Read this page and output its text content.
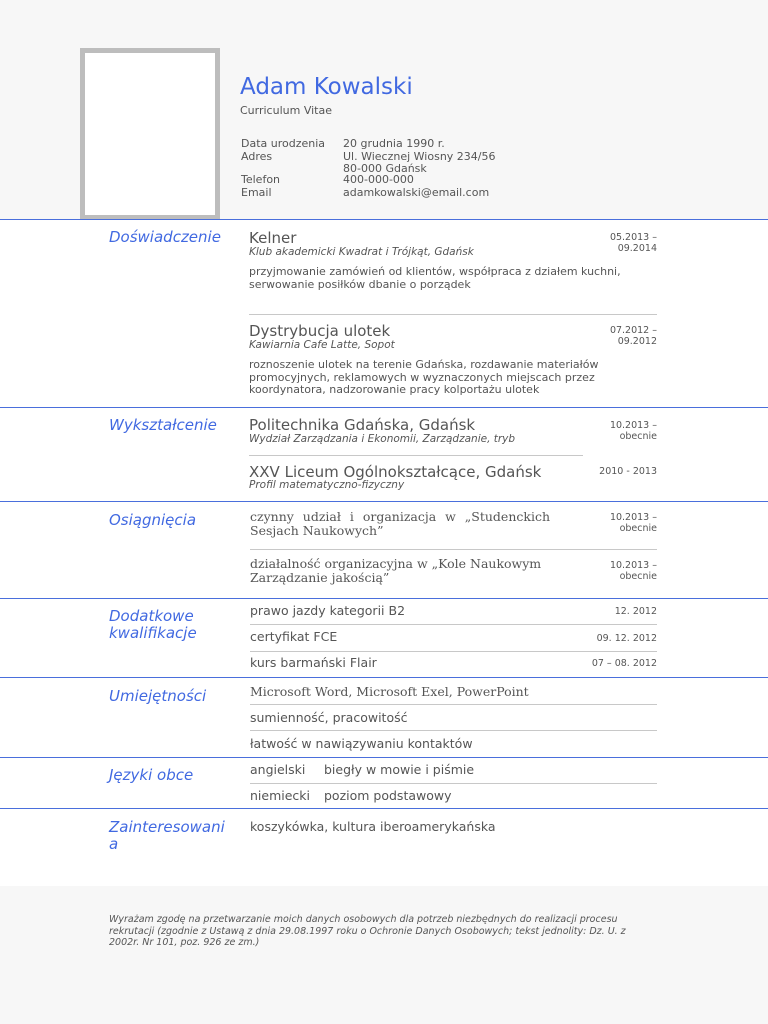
Adam Kowalski
Curriculum Vitae
Data urodzenia 20 grudnia 1990 r.
Adres	Ul. Wiecznej Wiosny 234/56
80-000 Gdańsk
Telefon	400-000-000
Email	adamkowalski@email.com
Doświadczenie Kelner
Klub akademicki Kwadrat i Trójkąt, Gdańsk
05.2013 – 09.2014
przyjmowanie zamówień od klientów, współpraca z działem kuchni, serwowanie posiłków dbanie o porządek
Dystrybucja ulotek
Kawiarnia Cafe Latte, Sopot
07.2012 – 09.2012
roznoszenie ulotek na terenie Gdańska, rozdawanie materiałów promocyjnych, reklamowych w wyznaczonych miejscach przez koordynatora, nadzorowanie pracy kolportażu ulotek
Wykształcenie Politechnika Gdańska, Gdańsk
Wydział Zarządzania i Ekonomii, Zarządzanie, tryb
10.2013 – obecnie
XXV Liceum Ogólnokształcące, Gdańsk
Profil matematyczno-fizyczny
2010 - 2013
Osiągnięcia	czynny udział i organizacja w „Studenckich Sesjach Naukowych”
10.2013 – obecnie
działalność organizacyjna w „Kole Naukowym Zarządzanie jakością”
10.2013 – obecnie
Dodatkowe kwalifikacje
prawo jazdy kategorii B2	12. 2012
certyfikat FCE	09. 12. 2012
kurs barmański Flair	07 – 08. 2012
Umiejętności	Microsoft Word, Microsoft Exel, PowerPoint
sumienność, pracowitość
łatwość w nawiązywaniu kontaktów
Języki obce	angielski biegły w mowie i piśmie
niemiecki poziom podstawowy
Zainteresowania
koszykówka, kultura iberoamerykańska
Wyrażam zgodę na przetwarzanie moich danych osobowych dla potrzeb niezbędnych do realizacji procesu rekrutacji (zgodnie z Ustawą z dnia 29.08.1997 roku o Ochronie Danych Osobowych; tekst jednolity: Dz. U. z 2002r. Nr 101, poz. 926 ze zm.)
